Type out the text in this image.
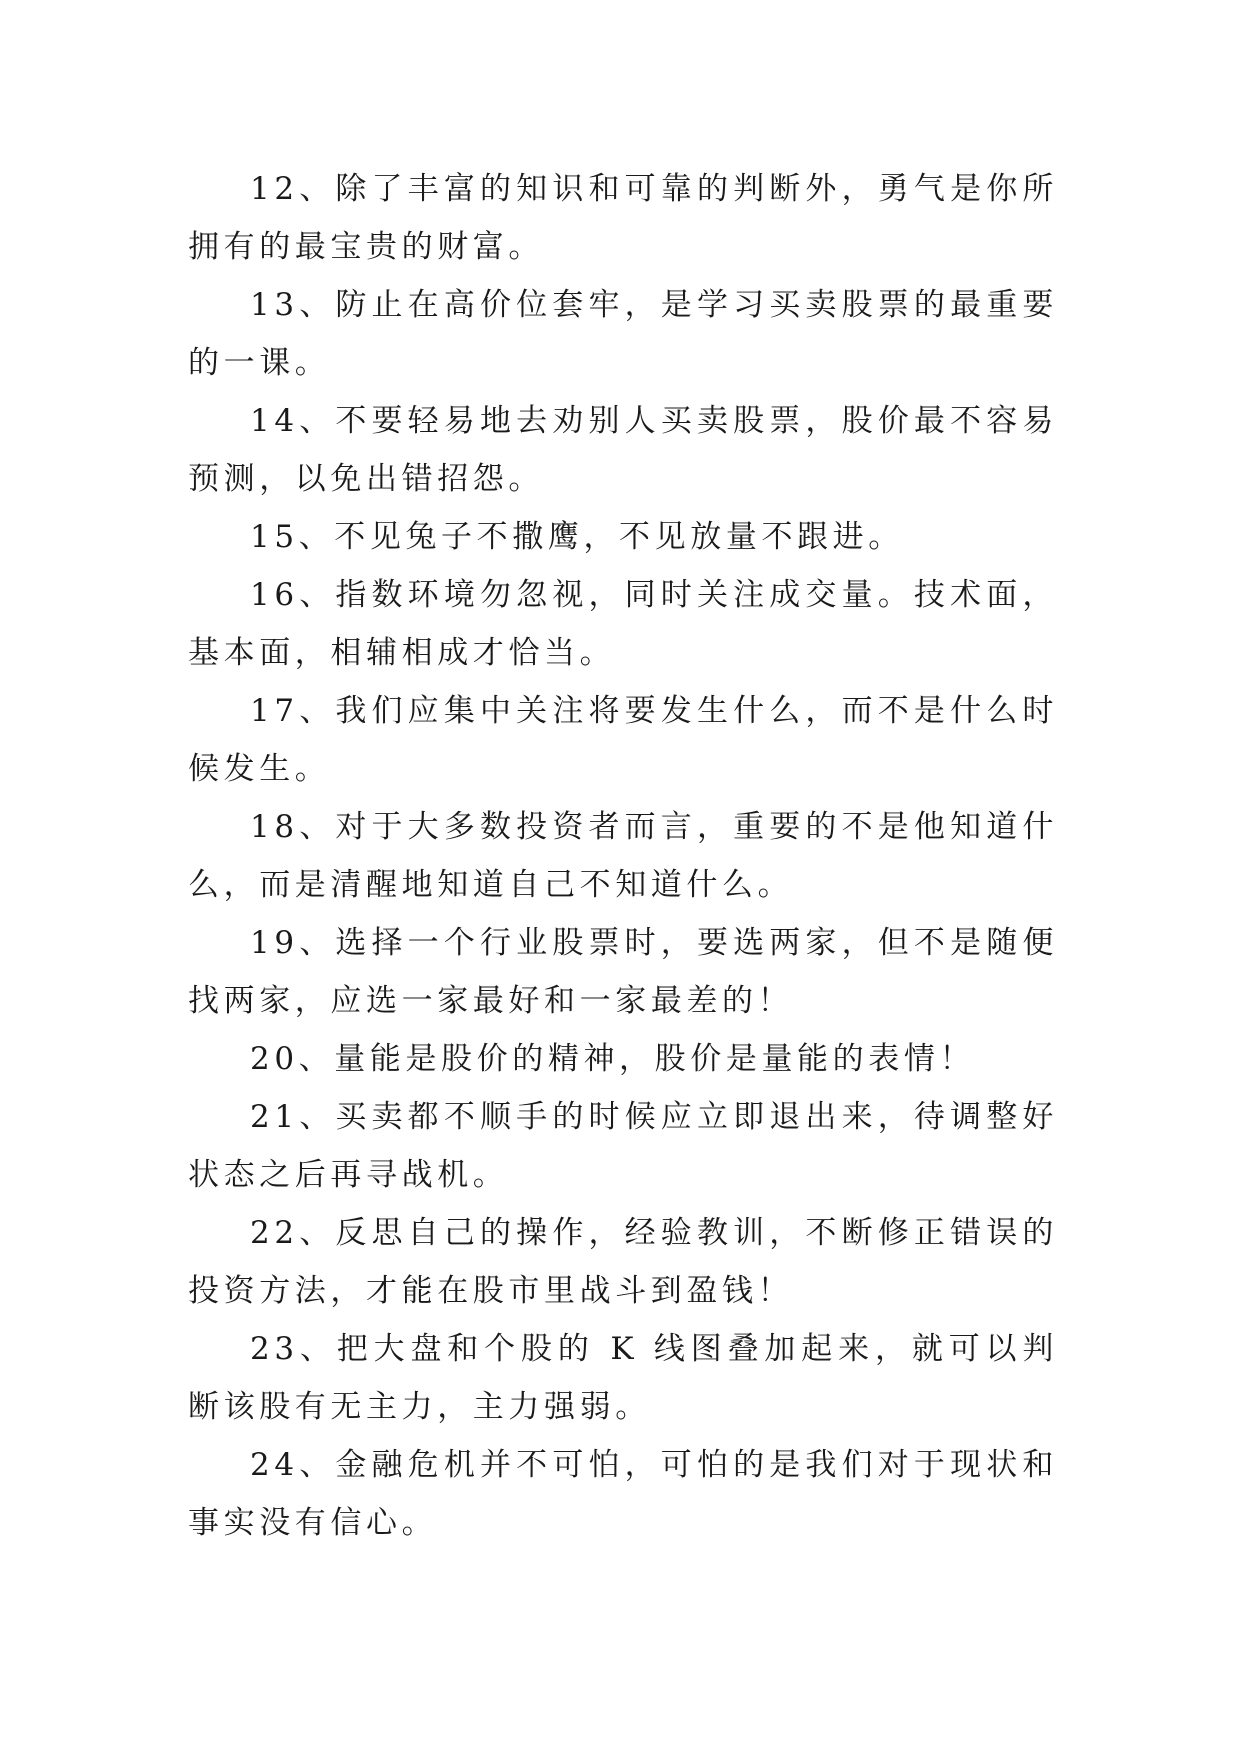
12、除了丰富的知识和可靠的判断外，勇气是你所拥有的最宝贵的财富。

13、防止在高价位套牢，是学习买卖股票的最重要的一课。

14、不要轻易地去劝别人买卖股票，股价最不容易预测，以免出错招怨。

15、不见兔子不撒鹰，不见放量不跟进。

16、指数环境勿忽视，同时关注成交量。技术面，基本面，相辅相成才恰当。

17、我们应集中关注将要发生什么，而不是什么时候发生。

18、对于大多数投资者而言，重要的不是他知道什么，而是清醒地知道自己不知道什么。

19、选择一个行业股票时，要选两家，但不是随便找两家，应选一家最好和一家最差的！

20、量能是股价的精神，股价是量能的表情！

21、买卖都不顺手的时候应立即退出来，待调整好状态之后再寻战机。

22、反思自己的操作，经验教训，不断修正错误的投资方法，才能在股市里战斗到盈钱！

23、把大盘和个股的 K 线图叠加起来，就可以判断该股有无主力，主力强弱。

24、金融危机并不可怕，可怕的是我们对于现状和事实没有信心。
